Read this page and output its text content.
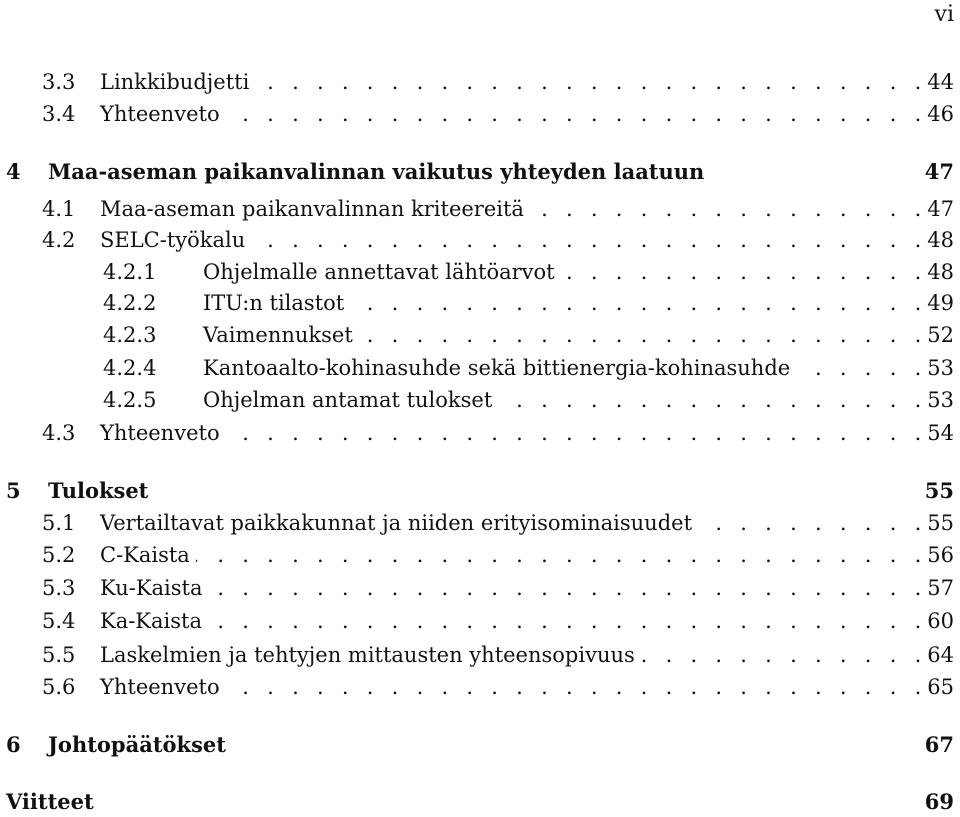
vi
3.3	Linkkibudjetti . . .	44
3.4	Yhteenveto . . .	46
4	Maa-aseman paikanvalinnan vaikutus yhteyden laatuun	47
4.1	Maa-aseman paikanvalinnan kriteereitä . . .	47
4.2	SELC-työkalu . . .	48
4.2.1	Ohjelmalle annettavat lähtöarvot . . .	48
4.2.2	ITU:n tilastot . . .	49
4.2.3	Vaimennukset . . .	52
4.2.4	Kantoaalto-kohinasuhde sekä bittienergia-kohinasuhde . . .	53
4.2.5	Ohjelman antamat tulokset . . .	53
4.3	Yhteenveto . . .	54
5	Tulokset	55
5.1	Vertailtavat paikkakunnat ja niiden erityisominaisuudet . . .	55
5.2	C-Kaista . . .	56
5.3	Ku-Kaista . . .	57
5.4	Ka-Kaista . . .	60
5.5	Laskelmien ja tehtyjen mittausten yhteensopivuus . . .	64
5.6	Yhteenveto . . .	65
6	Johtopäätökset	67
Viitteet	69
